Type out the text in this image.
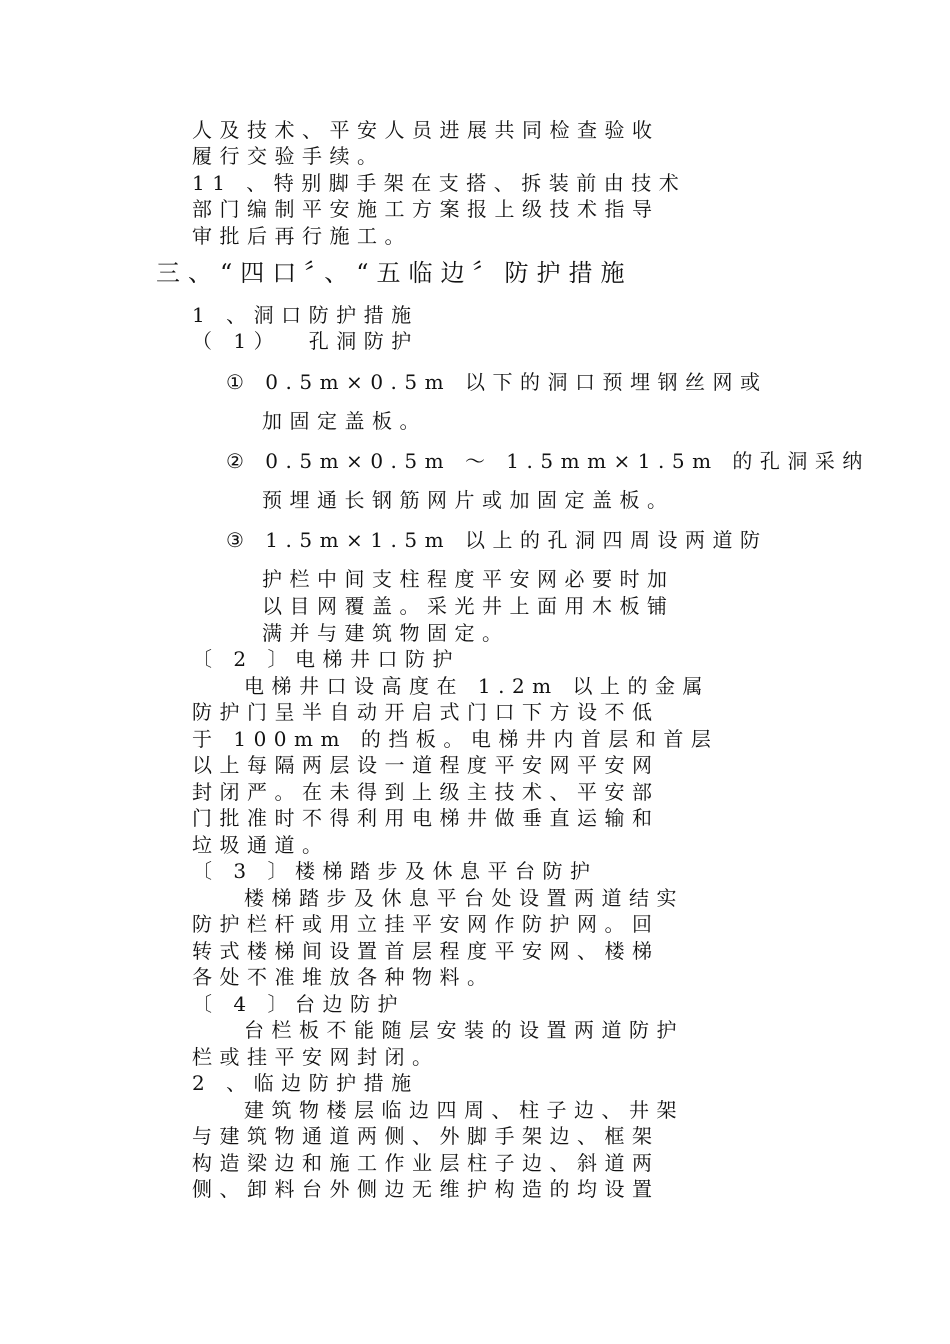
人及技术、平安人员进展共同检查验收
履行交验手续。
11 、特别脚手架在支搭、拆装前由技术
部门编制平安施工方案报上级技术指导
审批后再行施工。
三、“四口〞、“五临边〞防护措施
1 、洞口防护措施
（ 1）  孔洞防护
① 0.5m×0.5m 以下的洞口预埋钢丝网或
加固定盖板。
② 0.5m×0.5m ～ 1.5mm×1.5m 的孔洞采纳
预埋通长钢筋网片或加固定盖板。
③ 1.5m×1.5m 以上的孔洞四周设两道防
护栏中间支柱程度平安网必要时加
以目网覆盖。采光井上面用木板铺
满并与建筑物固定。
〔 2 〕电梯井口防护
电梯井口设高度在 1.2m 以上的金属
防护门呈半自动开启式门口下方设不低
于 100mm 的挡板。电梯井内首层和首层
以上每隔两层设一道程度平安网平安网
封闭严。在未得到上级主技术、平安部
门批准时不得利用电梯井做垂直运输和
垃圾通道。
〔 3 〕楼梯踏步及休息平台防护
楼梯踏步及休息平台处设置两道结实
防护栏杆或用立挂平安网作防护网。回
转式楼梯间设置首层程度平安网、楼梯
各处不准堆放各种物料。
〔 4 〕台边防护
台栏板不能随层安装的设置两道防护
栏或挂平安网封闭。
2 、临边防护措施
建筑物楼层临边四周、柱子边、井架
与建筑物通道两侧、外脚手架边、框架
构造梁边和施工作业层柱子边、斜道两
侧、卸料台外侧边无维护构造的均设置
